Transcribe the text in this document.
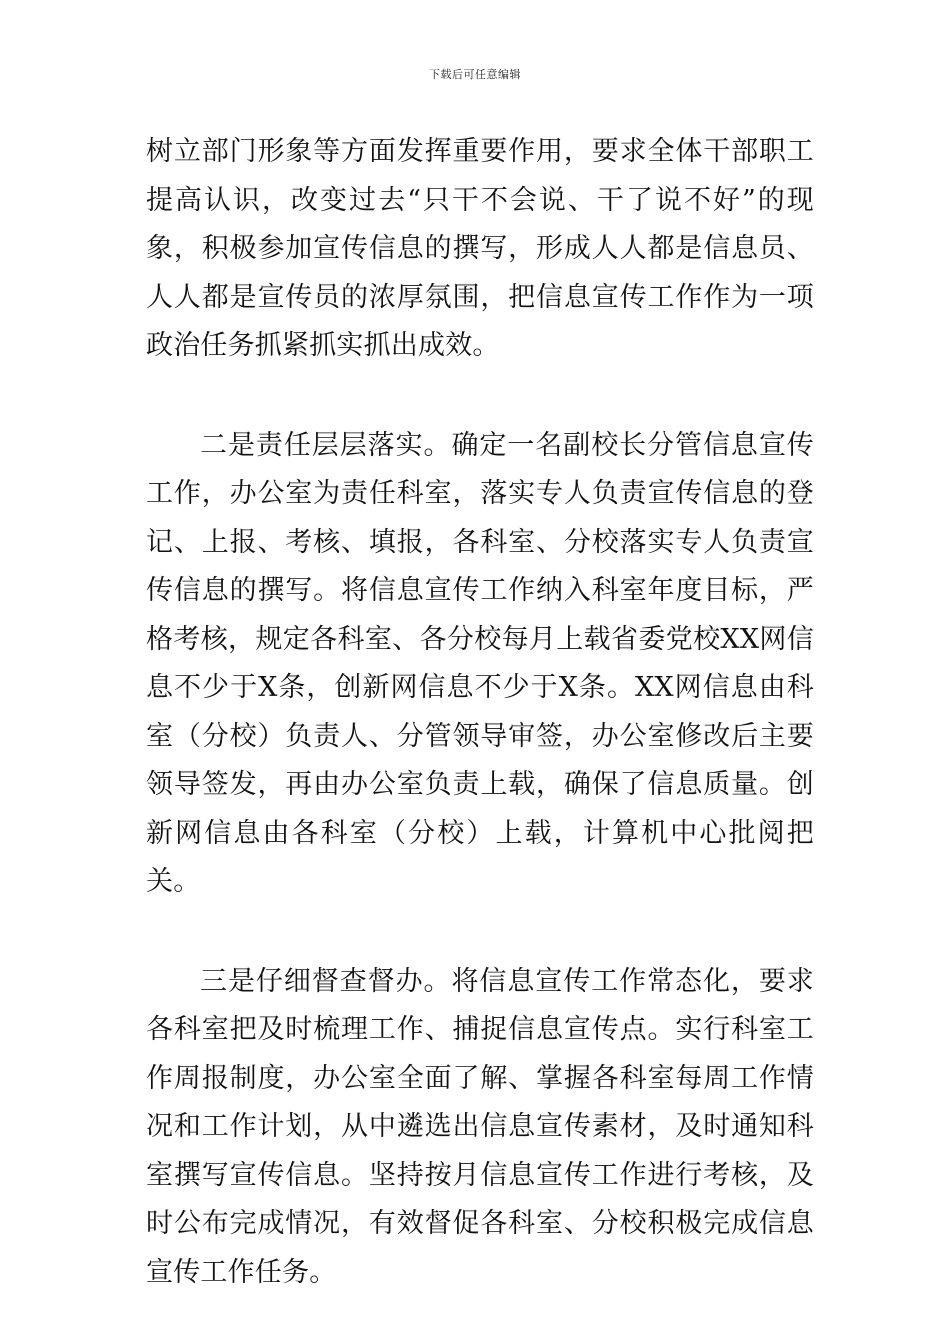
下载后可任意编辑

树立部门形象等方面发挥重要作用，要求全体干部职工提高认识，改变过去“只干不会说、干了说不好”的现象，积极参加宣传信息的撰写，形成人人都是信息员、人人都是宣传员的浓厚氛围，把信息宣传工作作为一项政治任务抓紧抓实抓出成效。

二是责任层层落实。确定一名副校长分管信息宣传工作，办公室为责任科室，落实专人负责宣传信息的登记、上报、考核、填报，各科室、分校落实专人负责宣传信息的撰写。将信息宣传工作纳入科室年度目标，严格考核，规定各科室、各分校每月上载省委党校XX网信息不少于X条，创新网信息不少于X条。XX网信息由科室（分校）负责人、分管领导审签，办公室修改后主要领导签发，再由办公室负责上载，确保了信息质量。创新网信息由各科室（分校）上载，计算机中心批阅把关。

三是仔细督查督办。将信息宣传工作常态化，要求各科室把及时梳理工作、捕捉信息宣传点。实行科室工作周报制度，办公室全面了解、掌握各科室每周工作情况和工作计划，从中遴选出信息宣传素材，及时通知科室撰写宣传信息。坚持按月信息宣传工作进行考核，及时公布完成情况，有效督促各科室、分校积极完成信息宣传工作任务。
